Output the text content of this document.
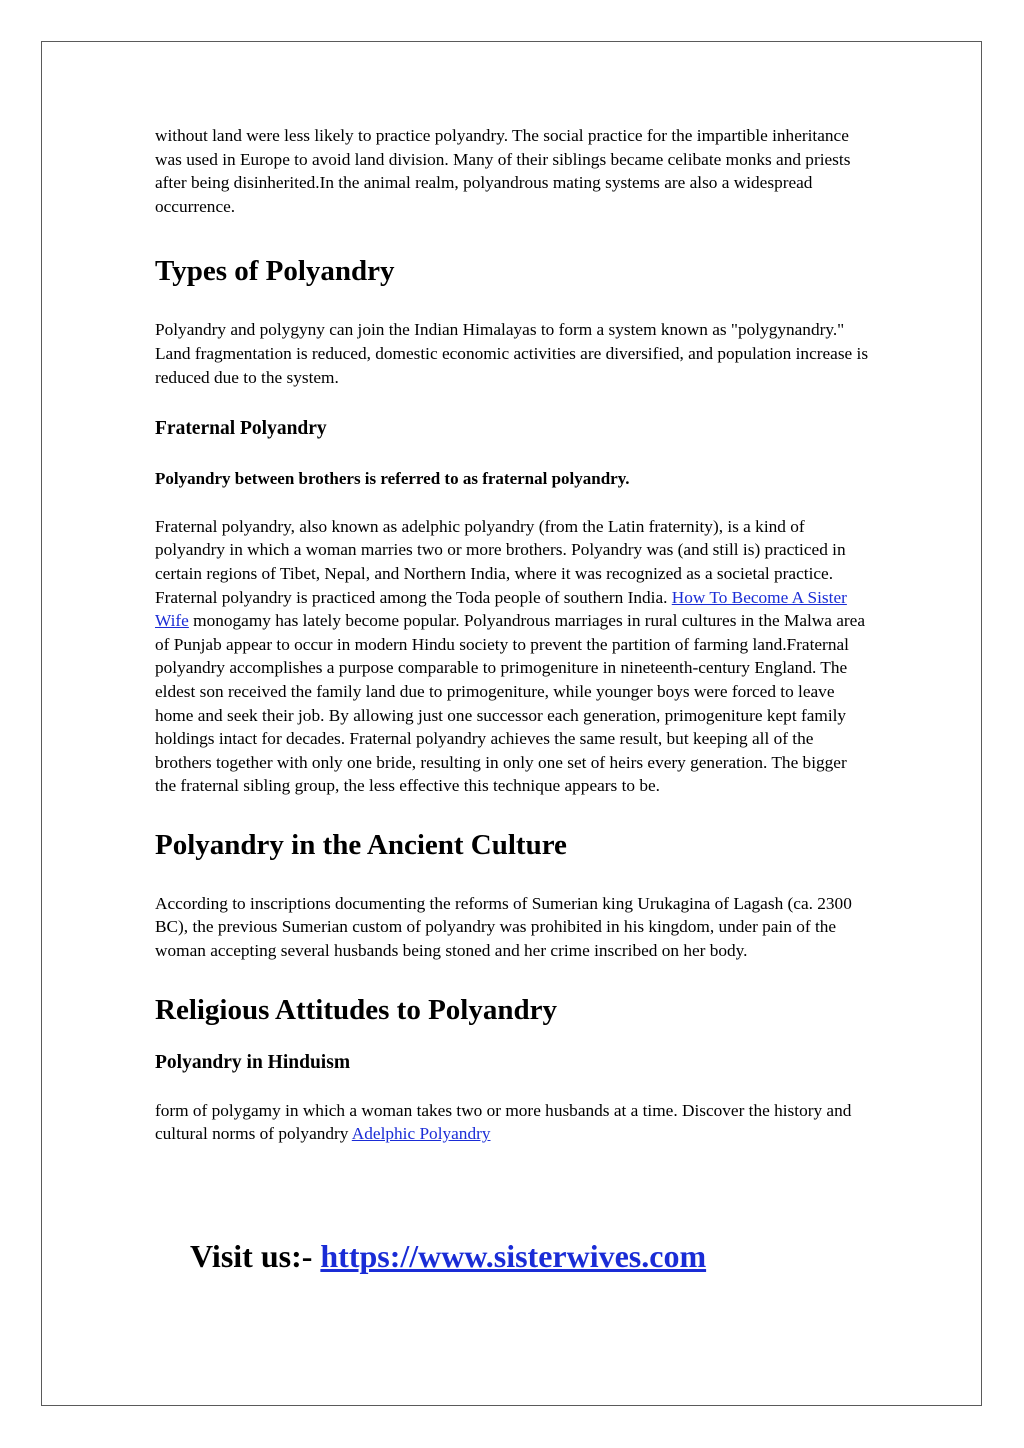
without land were less likely to practice polyandry. The social practice for the impartible inheritance was used in Europe to avoid land division. Many of their siblings became celibate monks and priests after being disinherited.In the animal realm, polyandrous mating systems are also a widespread occurrence.

Types of Polyandry

Polyandry and polygyny can join the Indian Himalayas to form a system known as "polygynandry." Land fragmentation is reduced, domestic economic activities are diversified, and population increase is reduced due to the system.

Fraternal Polyandry

Polyandry between brothers is referred to as fraternal polyandry.

Fraternal polyandry, also known as adelphic polyandry (from the Latin fraternity), is a kind of polyandry in which a woman marries two or more brothers. Polyandry was (and still is) practiced in certain regions of Tibet, Nepal, and Northern India, where it was recognized as a societal practice. Fraternal polyandry is practiced among the Toda people of southern India. How To Become A Sister Wife monogamy has lately become popular. Polyandrous marriages in rural cultures in the Malwa area of Punjab appear to occur in modern Hindu society to prevent the partition of farming land.Fraternal polyandry accomplishes a purpose comparable to primogeniture in nineteenth-century England. The eldest son received the family land due to primogeniture, while younger boys were forced to leave home and seek their job. By allowing just one successor each generation, primogeniture kept family holdings intact for decades. Fraternal polyandry achieves the same result, but keeping all of the brothers together with only one bride, resulting in only one set of heirs every generation. The bigger the fraternal sibling group, the less effective this technique appears to be.

Polyandry in the Ancient Culture

According to inscriptions documenting the reforms of Sumerian king Urukagina of Lagash (ca. 2300 BC), the previous Sumerian custom of polyandry was prohibited in his kingdom, under pain of the woman accepting several husbands being stoned and her crime inscribed on her body.

Religious Attitudes to Polyandry
Polyandry in Hinduism

form of polygamy in which a woman takes two or more husbands at a time. Discover the history and cultural norms of polyandry Adelphic Polyandry

Visit us:- https://www.sisterwives.com
